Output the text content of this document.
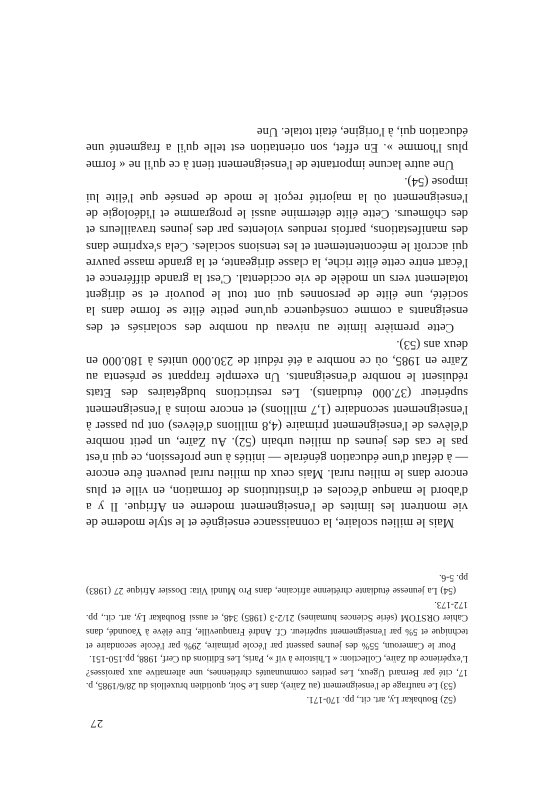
27

(52) Boubakar Ly, art. cit., pp. 170-171.

(53) Le naufrage de l'enseignement (au Zaïre), dans Le Soir, quotidien bruxellois du 28/6/1985, p. 17, cité par Bernard Ugeux, Les petites communautés chrétiennes, une alternative aux paroisses? L'expérience du Zaïre, Collection: « L'histoire à vif », Paris, Les Editions du Cerf, 1988, pp.150-151.

Pour le Cameroun, 55% des jeunes passent par l'école primaire, 29% par l'école secondaire et technique et 5% par l'enseignement supérieur. Cf. André Franqueville, Etre élève à Yaoundé, dans Cahier ORSTOM (série Sciences humaines) 21/2-3 (1985) 348, et aussi Boubakar Ly, art. cit., pp. 172-173.

(54) La jeunesse étudiante chrétienne africaine, dans Pro Mundi Vita: Dossier Afrique 27 (1983) pp. 5-6.

Mais le milieu scolaire, la connaissance enseignée et le style moderne de vie montrent les limites de l'enseignement moderne en Afrique. Il y a d'abord le manque d'écoles et d'institutions de formation, en ville et plus encore dans le milieu rural. Mais ceux du milieu rural peuvent être encore — à défaut d'une éducation générale — initiés à une profession, ce qui n'est pas le cas des jeunes du milieu urbain (52). Au Zaïre, un petit nombre d'élèves de l'enseignement primaire (4,8 millions d'élèves) ont pu passer à l'enseignement secondaire (1,7 millions) et encore moins à l'enseignement supérieur (37.000 étudiants). Les restrictions budgétaires des Etats réduisent le nombre d'enseignants. Un exemple frappant se présenta au Zaïre en 1985, où ce nombre a été réduit de 230.000 unités à 180.000 en deux ans (53).

Cette première limite au niveau du nombre des scolarisés et des enseignants a comme conséquence qu'une petite élite se forme dans la société, une élite de personnes qui ont tout le pouvoir et se dirigent totalement vers un modèle de vie occidental. C'est la grande différence et l'écart entre cette élite riche, la classe dirigeante, et la grande masse pauvre qui accroît le mécontentement et les tensions sociales. Cela s'exprime dans des manifestations, parfois rendues violentes par des jeunes travailleurs et des chômeurs. Cette élite détermine aussi le programme et l'idéologie de l'enseignement où la majorité reçoit le mode de pensée que l'élite lui impose (54).

Une autre lacune importante de l'enseignement tient à ce qu'il ne « forme plus l'homme ». En effet, son orientation est telle qu'il a fragmenté une éducation qui, à l'origine, était totale. Une
